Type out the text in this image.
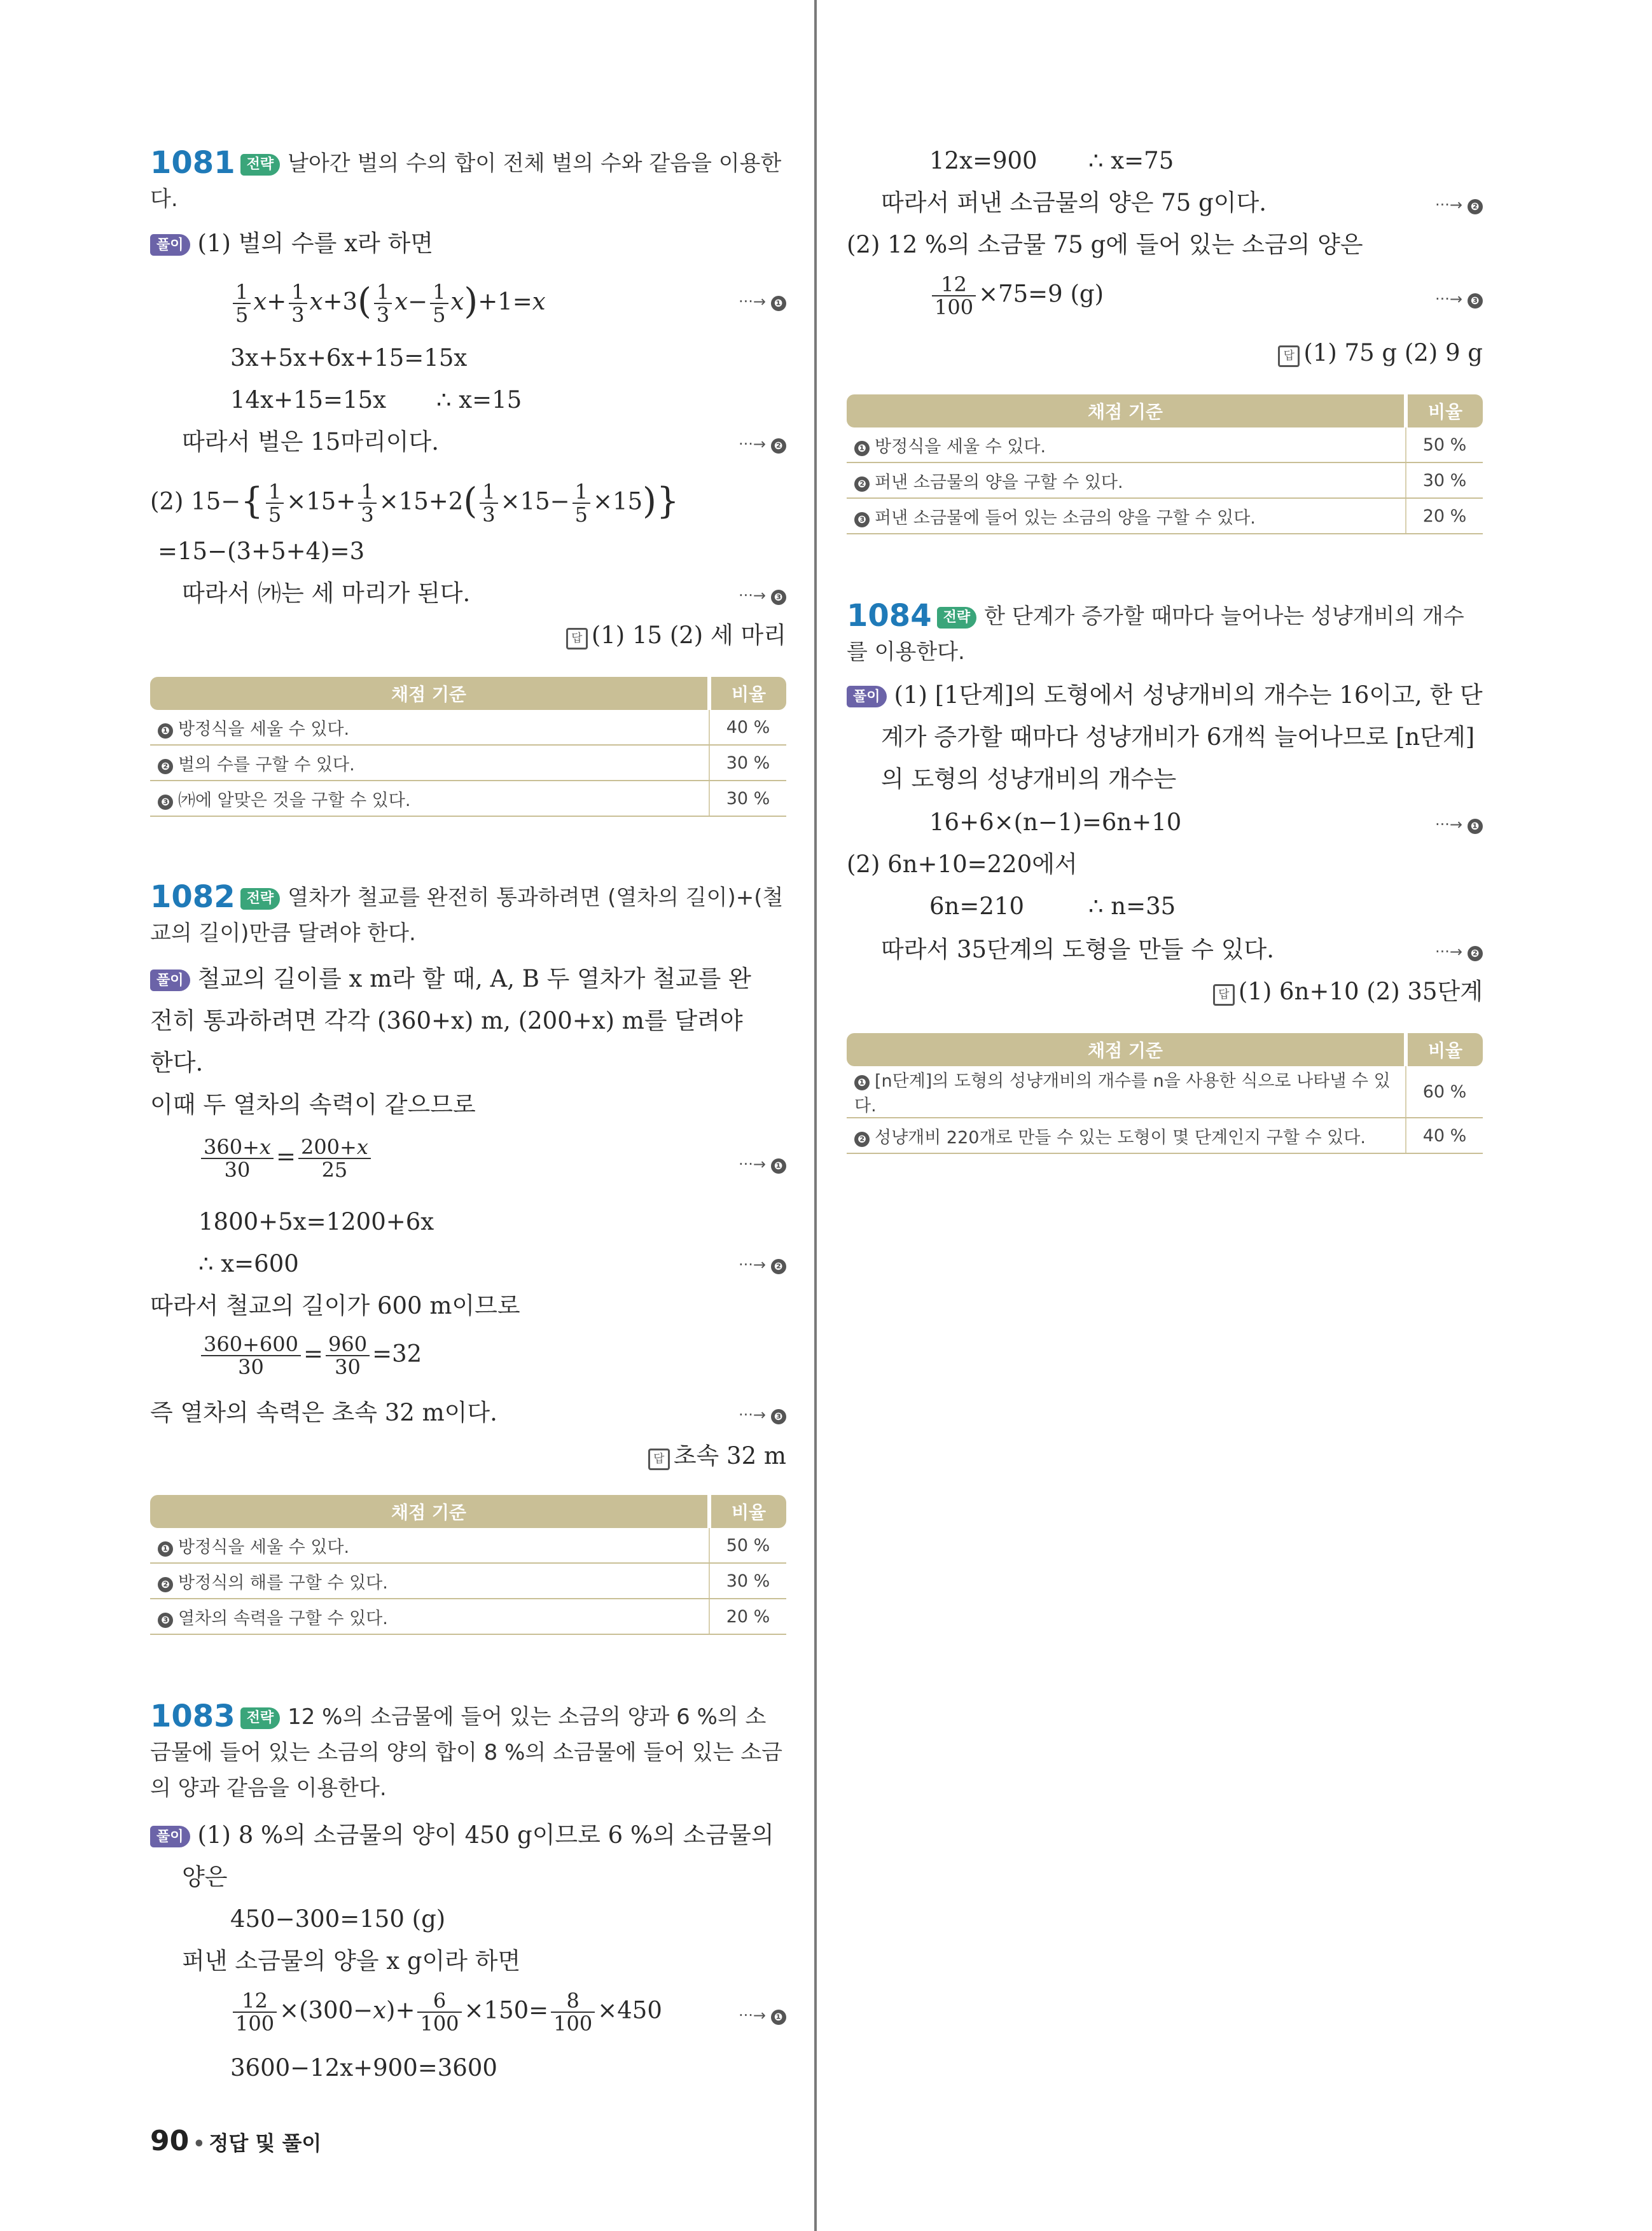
1081 전략 날아간 벌의 수의 합이 전체 벌의 수와 같음을 이용한다.
풀이 (1) 벌의 수를 x라 하면
$\frac{1}{5} x+ \frac{1}{3} x+3( \frac{1}{3} x- \frac{1}{5} x)+1=x$	···→ ❶
3x+5x+6x+15=15x
14x+15=15x ∴ x=15
따라서 벌은 15마리이다.	···→ ❷
(2) $15-\{ \frac{1}{5} \times 15+ \frac{1}{3} \times 15+2( \frac{1}{3} \times 15- \frac{1}{5} \times 15)\}$
=15−(3+5+4)=3
따라서 ㈎는 세 마리가 된다.	···→ ❸
답 (1) 15 (2) 세 마리
채점 기준	비율
❶ 방정식을 세울 수 있다.	40 %
❷ 벌의 수를 구할 수 있다.	30 %
❸ ㈎에 알맞은 것을 구할 수 있다.	30 %
1082 전략 열차가 철교를 완전히 통과하려면 (열차의 길이)+(철교의 길이)만큼 달려야 한다.
풀이 철교의 길이를 x m라 할 때, A, B 두 열차가 철교를 완
전히 통과하려면 각각 (360+x) m, (200+x) m를 달려야
한다.
이때 두 열차의 속력이 같으므로
$\frac{360+x}{30} = \frac{200+x}{25}$	···→ ❶
1800+5x=1200+6x
∴ x=600	···→ ❷
따라서 철교의 길이가 600 m이므로
$\frac{360+600}{30} = \frac{960}{30} =32$
즉 열차의 속력은 초속 32 m이다.	···→ ❸
답 초속 32 m
채점 기준	비율
❶ 방정식을 세울 수 있다.	50 %
❷ 방정식의 해를 구할 수 있다.	30 %
❸ 열차의 속력을 구할 수 있다.	20 %
1083 전략 12 %의 소금물에 들어 있는 소금의 양과 6 %의 소금물에 들어 있는 소금의 양의 합이 8 %의 소금물에 들어 있는 소금의 양과 같음을 이용한다.
풀이 (1) 8 %의 소금물의 양이 450 g이므로 6 %의 소금물의
양은
450−300=150 (g)
퍼낸 소금물의 양을 x g이라 하면
$\frac{12}{100} \times(300-x)+ \frac{6}{100} \times 150= \frac{8}{100} \times 450$	···→ ❶
3600−12x+900=3600
12x=900 ∴ x=75
따라서 퍼낸 소금물의 양은 75 g이다.	···→ ❷
(2) 12 %의 소금물 75 g에 들어 있는 소금의 양은
$\frac{12}{100} \times 75=9$ (g)	···→ ❸
답 (1) 75 g (2) 9 g
채점 기준	비율
❶ 방정식을 세울 수 있다.	50 %
❷ 퍼낸 소금물의 양을 구할 수 있다.	30 %
❸ 퍼낸 소금물에 들어 있는 소금의 양을 구할 수 있다.	20 %
1084 전략 한 단계가 증가할 때마다 늘어나는 성냥개비의 개수를 이용한다.
풀이 (1) [1단계]의 도형에서 성냥개비의 개수는 16이고, 한 단
계가 증가할 때마다 성냥개비가 6개씩 늘어나므로 [n단계]
의 도형의 성냥개비의 개수는
16+6×(n−1)=6n+10	···→ ❶
(2) 6n+10=220에서
6n=210	∴ n=35
따라서 35단계의 도형을 만들 수 있다.	···→ ❷
답 (1) 6n+10 (2) 35단계
채점 기준	비율
❶ [n단계]의 도형의 성냥개비의 개수를 n을 사용한 식으로 나타낼 수 있다.	60 %
❷ 성냥개비 220개로 만들 수 있는 도형이 몇 단계인지 구할 수 있다.	40 %
90 • 정답 및 풀이
